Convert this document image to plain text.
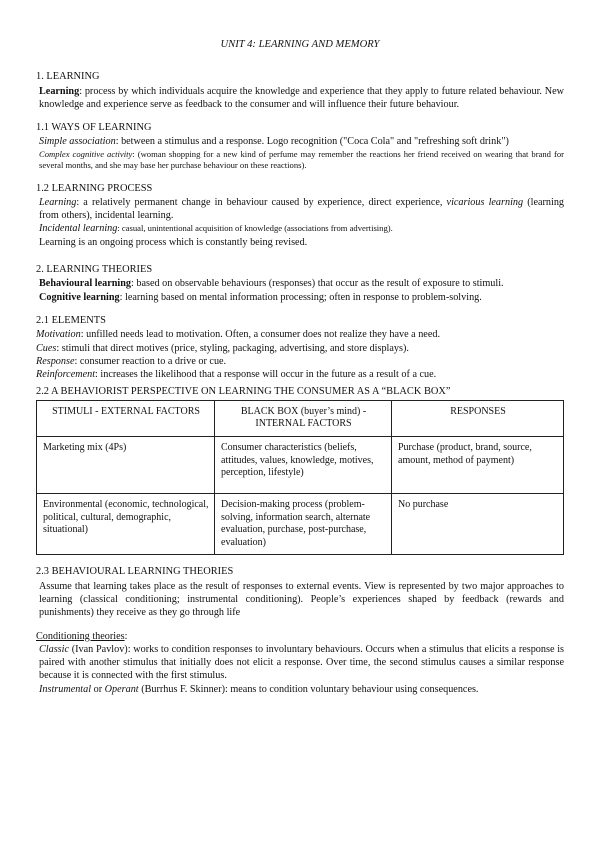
UNIT 4: LEARNING AND MEMORY
1. LEARNING

Learning: process by which individuals acquire the knowledge and experience that they apply to future related behaviour. New knowledge and experience serve as feedback to the consumer and will influence their future behaviour.

1.1 WAYS OF LEARNING

Simple association: between a stimulus and a response. Logo recognition ("Coca Cola" and "refreshing soft drink")

Complex cognitive activity: (woman shopping for a new kind of perfume may remember the reactions her friend received on wearing that brand for several months, and she may base her purchase behaviour on these reactions).

1.2 LEARNING PROCESS

Learning: a relatively permanent change in behaviour caused by experience, direct experience, vicarious learning (learning from others), incidental learning.

Incidental learning: casual, unintentional acquisition of knowledge (associations from advertising).

Learning is an ongoing process which is constantly being revised.

2. LEARNING THEORIES

Behavioural learning: based on observable behaviours (responses) that occur as the result of exposure to stimuli.

Cognitive learning: learning based on mental information processing; often in response to problem-solving.

2.1 ELEMENTS

Motivation: unfilled needs lead to motivation. Often, a consumer does not realize they have a need.

Cues: stimuli that direct motives (price, styling, packaging, advertising, and store displays).

Response: consumer reaction to a drive or cue.

Reinforcement: increases the likelihood that a response will occur in the future as a result of a cue.

2.2 A BEHAVIORIST PERSPECTIVE ON LEARNING THE CONSUMER AS A “BLACK BOX”
STIMULI - EXTERNAL FACTORS	BLACK BOX (buyer’s mind) - INTERNAL FACTORS	RESPONSES
Marketing mix (4Ps)	Consumer characteristics (beliefs, attitudes, values, knowledge, motives, perception, lifestyle)	Purchase (product, brand, source, amount, method of payment)
Environmental (economic, technological, political, cultural, demographic, situational)	Decision-making process (problem-solving, information search, alternate evaluation, purchase, post-purchase, evaluation)	No purchase
2.3 BEHAVIOURAL LEARNING THEORIES

Assume that learning takes place as the result of responses to external events. View is represented by two major approaches to learning (classical conditioning; instrumental conditioning). People’s experiences shaped by feedback (rewards and punishments) they receive as they go through life

Conditioning theories:

Classic (Ivan Pavlov): works to condition responses to involuntary behaviours. Occurs when a stimulus that elicits a response is paired with another stimulus that initially does not elicit a response. Over time, the second stimulus causes a similar response because it is connected with the first stimulus.

Instrumental or Operant (Burrhus F. Skinner): means to condition voluntary behaviour using consequences.
